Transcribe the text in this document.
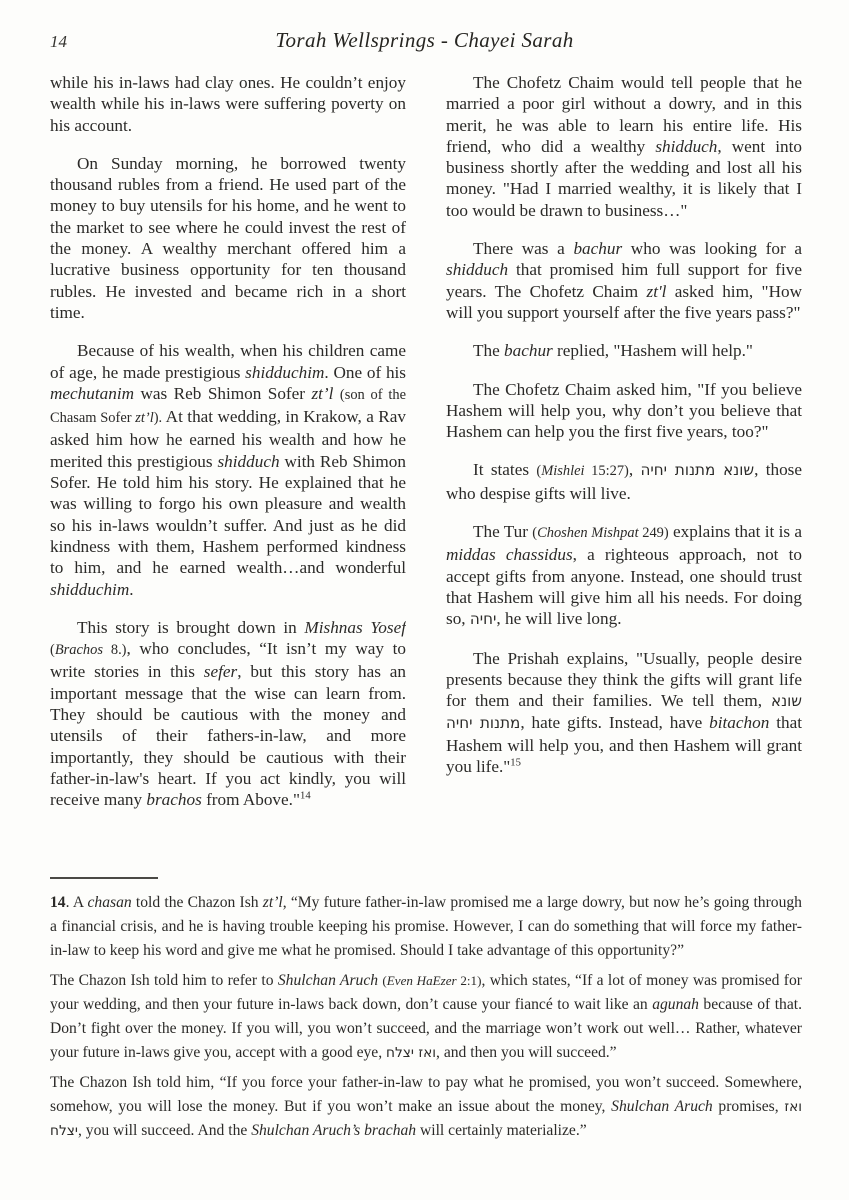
14	Torah Wellsprings - Chayei Sarah

while his in-laws had clay ones. He couldn’t enjoy wealth while his in-laws were suffering poverty on his account.

On Sunday morning, he borrowed twenty thousand rubles from a friend. He used part of the money to buy utensils for his home, and he went to the market to see where he could invest the rest of the money. A wealthy merchant offered him a lucrative business opportunity for ten thousand rubles. He invested and became rich in a short time.

Because of his wealth, when his children came of age, he made prestigious shidduchim. One of his mechutanim was Reb Shimon Sofer zt’l (son of the Chasam Sofer zt’l). At that wedding, in Krakow, a Rav asked him how he earned his wealth and how he merited this prestigious shidduch with Reb Shimon Sofer. He told him his story. He explained that he was willing to forgo his own pleasure and wealth so his in-laws wouldn’t suffer. And just as he did kindness with them, Hashem performed kindness to him, and he earned wealth…and wonderful shidduchim.

This story is brought down in Mishnas Yosef (Brachos 8.), who concludes, “It isn’t my way to write stories in this sefer, but this story has an important message that the wise can learn from. They should be cautious with the money and utensils of their fathers-in-law, and more importantly, they should be cautious with their father-in-law's heart. If you act kindly, you will receive many brachos from Above."$^{14}$

The Chofetz Chaim would tell people that he married a poor girl without a dowry, and in this merit, he was able to learn his entire life. His friend, who did a wealthy shidduch, went into business shortly after the wedding and lost all his money. "Had I married wealthy, it is likely that I too would be drawn to business…"

There was a bachur who was looking for a shidduch that promised him full support for five years. The Chofetz Chaim zt'l asked him, "How will you support yourself after the five years pass?"

The bachur replied, "Hashem will help."

The Chofetz Chaim asked him, "If you believe Hashem will help you, why don’t you believe that Hashem can help you the first five years, too?"

It states (Mishlei 15:27), שונא מתנות יחיה, those who despise gifts will live.

The Tur (Choshen Mishpat 249) explains that it is a middas chassidus, a righteous approach, not to accept gifts from anyone. Instead, one should trust that Hashem will give him all his needs. For doing so, יחיה, he will live long.

The Prishah explains, "Usually, people desire presents because they think the gifts will grant life for them and their families. We tell them, שונא מתנות יחיה, hate gifts. Instead, have bitachon that Hashem will help you, and then Hashem will grant you life."$^{15}$

14. A chasan told the Chazon Ish zt’l, “My future father-in-law promised me a large dowry, but now he’s going through a financial crisis, and he is having trouble keeping his promise. However, I can do something that will force my father-in-law to keep his word and give me what he promised. Should I take advantage of this opportunity?”

The Chazon Ish told him to refer to Shulchan Aruch (Even HaEzer 2:1), which states, “If a lot of money was promised for your wedding, and then your future in-laws back down, don’t cause your fiancé to wait like an agunah because of that. Don’t fight over the money. If you will, you won’t succeed, and the marriage won’t work out well… Rather, whatever your future in-laws give you, accept with a good eye, ואז יצלח, and then you will succeed.”

The Chazon Ish told him, “If you force your father-in-law to pay what he promised, you won’t succeed. Somewhere, somehow, you will lose the money. But if you won’t make an issue about the money, Shulchan Aruch promises, ואז יצלח, you will succeed. And the Shulchan Aruch’s brachah will certainly materialize.”
